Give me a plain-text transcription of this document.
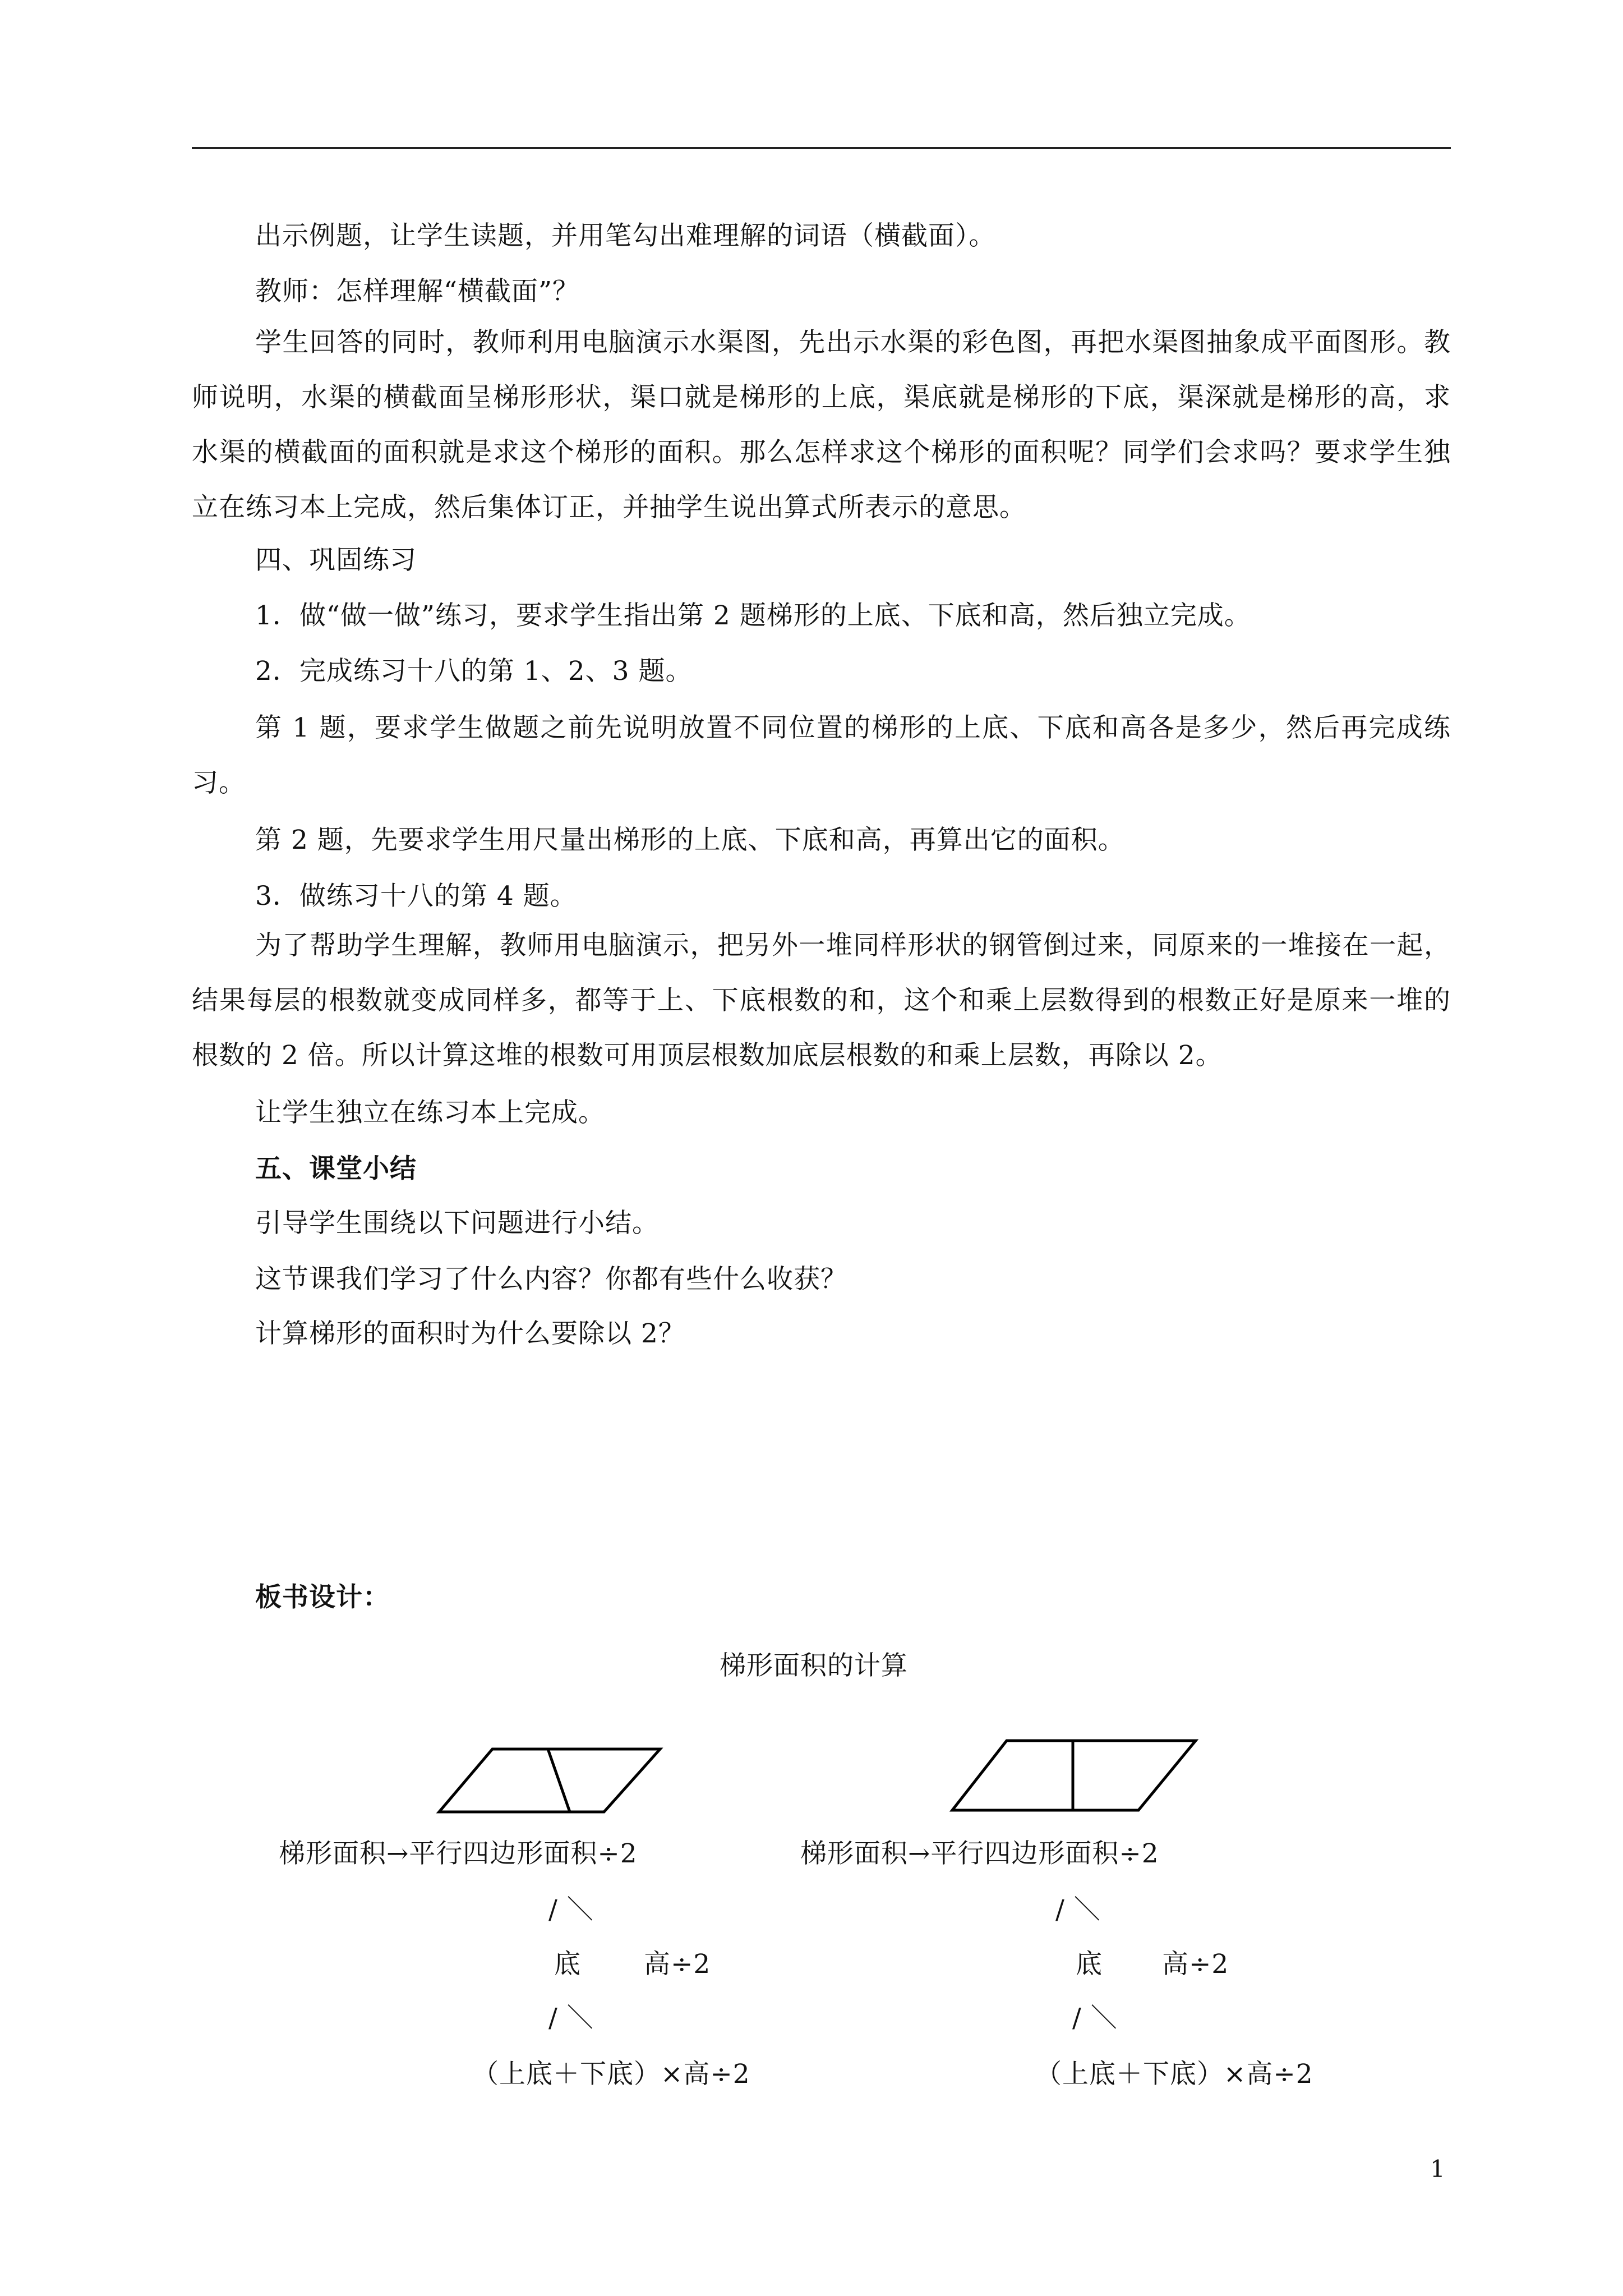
出示例题，让学生读题，并用笔勾出难理解的词语（横截面）。

教师：怎样理解“横截面”？

学生回答的同时，教师利用电脑演示水渠图，先出示水渠的彩色图，再把水渠图抽象成平面图形。教师说明，水渠的横截面呈梯形形状，渠口就是梯形的上底，渠底就是梯形的下底，渠深就是梯形的高，求水渠的横截面的面积就是求这个梯形的面积。那么怎样求这个梯形的面积呢？同学们会求吗？要求学生独立在练习本上完成，然后集体订正，并抽学生说出算式所表示的意思。

四、巩固练习

1．做“做一做”练习，要求学生指出第 2 题梯形的上底、下底和高，然后独立完成。

2．完成练习十八的第 1、2、3 题。

第 1 题，要求学生做题之前先说明放置不同位置的梯形的上底、下底和高各是多少，然后再完成练习。

第 2 题，先要求学生用尺量出梯形的上底、下底和高，再算出它的面积。

3．做练习十八的第 4 题。

为了帮助学生理解，教师用电脑演示，把另外一堆同样形状的钢管倒过来，同原来的一堆接在一起，结果每层的根数就变成同样多，都等于上、下底根数的和，这个和乘上层数得到的根数正好是原来一堆的根数的 2 倍。所以计算这堆的根数可用顶层根数加底层根数的和乘上层数，再除以 2。

让学生独立在练习本上完成。

五、课堂小结

引导学生围绕以下问题进行小结。

这节课我们学习了什么内容？你都有些什么收获？

计算梯形的面积时为什么要除以 2？

板书设计：
梯形面积的计算
梯形面积→平行四边形面积÷2
/ ＼
底 高÷2
/ ＼
（上底＋下底）×高÷2
梯形面积→平行四边形面积÷2
/ ＼
底 高÷2
/ ＼
（上底＋下底）×高÷2
1
